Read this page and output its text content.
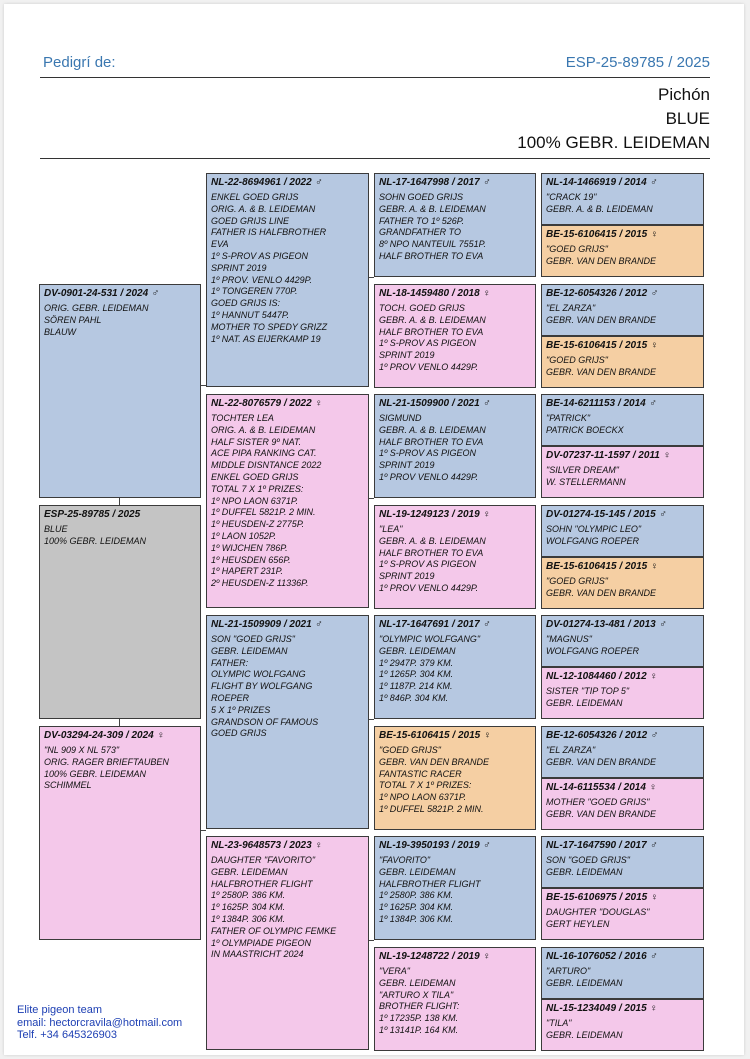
Pedigrí de:	ESP-25-89785 / 2025
Pichón
BLUE
100% GEBR. LEIDEMAN
DV-0901-24-531 / 2024 ♂
ORIG. GEBR. LEIDEMAN
SÖREN PAHL
BLAUW
ESP-25-89785 / 2025
BLUE
100% GEBR. LEIDEMAN
DV-03294-24-309 / 2024 ♀
"NL 909 X NL 573"
ORIG. RAGER BRIEFTAUBEN
100% GEBR. LEIDEMAN
SCHIMMEL
NL-22-8694961 / 2022 ♂
ENKEL GOED GRIJS
ORIG. A. & B. LEIDEMAN
GOED GRIJS LINE
FATHER IS HALFBROTHER
EVA
1º S-PROV AS PIGEON
SPRINT 2019
1º PROV. VENLO 4429P.
1º TONGEREN 770P.
GOED GRIJS IS:
1º HANNUT 5447P.
MOTHER TO SPEDY GRIZZ
1º NAT. AS EIJERKAMP 19
NL-22-8076579 / 2022 ♀
TOCHTER LEA
ORIG. A. & B. LEIDEMAN
HALF SISTER 9º NAT.
ACE PIPA RANKING CAT.
MIDDLE DISNTANCE 2022
ENKEL GOED GRIJS
TOTAL 7 X 1º PRIZES:
1º NPO LAON 6371P.
1º DUFFEL 5821P. 2 MIN.
1º HEUSDEN-Z 2775P.
1º LAON 1052P.
1º WIJCHEN 786P.
1º HEUSDEN 656P.
1º HAPERT 231P.
2º HEUSDEN-Z 11336P.
NL-21-1509909 / 2021 ♂
SON "GOED GRIJS"
GEBR. LEIDEMAN
FATHER:
OLYMPIC WOLFGANG
FLIGHT BY WOLFGANG
ROEPER
5 X 1º PRIZES
GRANDSON OF FAMOUS
GOED GRIJS
NL-23-9648573 / 2023 ♀
DAUGHTER "FAVORITO"
GEBR. LEIDEMAN
HALFBROTHER FLIGHT
1º 2580P. 386 KM.
1º 1625P. 304 KM.
1º 1384P. 306 KM.
FATHER OF OLYMPIC FEMKE
1º OLYMPIADE PIGEON
IN MAASTRICHT 2024
NL-17-1647998 / 2017 ♂
SOHN GOED GRIJS
GEBR. A. & B. LEIDEMAN
FATHER TO 1º 526P.
GRANDFATHER TO
8º NPO NANTEUIL 7551P.
HALF BROTHER TO EVA
NL-18-1459480 / 2018 ♀
TOCH. GOED GRIJS
GEBR. A. & B. LEIDEMAN
HALF BROTHER TO EVA
1º S-PROV AS PIGEON
SPRINT 2019
1º PROV VENLO 4429P.
NL-21-1509900 / 2021 ♂
SIGMUND
GEBR. A. & B. LEIDEMAN
HALF BROTHER TO EVA
1º S-PROV AS PIGEON
SPRINT 2019
1º PROV VENLO 4429P.
NL-19-1249123 / 2019 ♀
"LEA"
GEBR. A. & B. LEIDEMAN
HALF BROTHER TO EVA
1º S-PROV AS PIGEON
SPRINT 2019
1º PROV VENLO 4429P.
NL-17-1647691 / 2017 ♂
"OLYMPIC WOLFGANG"
GEBR. LEIDEMAN
1º 2947P. 379 KM.
1º 1265P. 304 KM.
1º 1187P. 214 KM.
1º 846P. 304 KM.
BE-15-6106415 / 2015 ♀
"GOED GRIJS"
GEBR. VAN DEN BRANDE
FANTASTIC RACER
TOTAL 7 X 1º PRIZES:
1º NPO LAON 6371P.
1º DUFFEL 5821P. 2 MIN.
NL-19-3950193 / 2019 ♂
"FAVORITO"
GEBR. LEIDEMAN
HALFBROTHER FLIGHT
1º 2580P. 386 KM.
1º 1625P. 304 KM.
1º 1384P. 306 KM.
NL-19-1248722 / 2019 ♀
"VERA"
GEBR. LEIDEMAN
"ARTURO X TILA"
BROTHER FLIGHT:
1º 17235P. 138 KM.
1º 13141P. 164 KM.
NL-14-1466919 / 2014 ♂
"CRACK 19"
GEBR. A. & B. LEIDEMAN
BE-15-6106415 / 2015 ♀
"GOED GRIJS"
GEBR. VAN DEN BRANDE
BE-12-6054326 / 2012 ♂
"EL ZARZA"
GEBR. VAN DEN BRANDE
BE-15-6106415 / 2015 ♀
"GOED GRIJS"
GEBR. VAN DEN BRANDE
BE-14-6211153 / 2014 ♂
"PATRICK"
PATRICK BOECKX
DV-07237-11-1597 / 2011 ♀
"SILVER DREAM"
W. STELLERMANN
DV-01274-15-145 / 2015 ♂
SOHN "OLYMPIC LEO"
WOLFGANG ROEPER
BE-15-6106415 / 2015 ♀
"GOED GRIJS"
GEBR. VAN DEN BRANDE
DV-01274-13-481 / 2013 ♂
"MAGNUS"
WOLFGANG ROEPER
NL-12-1084460 / 2012 ♀
SISTER "TIP TOP 5"
GEBR. LEIDEMAN
BE-12-6054326 / 2012 ♂
"EL ZARZA"
GEBR. VAN DEN BRANDE
NL-14-6115534 / 2014 ♀
MOTHER "GOED GRIJS"
GEBR. VAN DEN BRANDE
NL-17-1647590 / 2017 ♂
SON "GOED GRIJS"
GEBR. LEIDEMAN
BE-15-6106975 / 2015 ♀
DAUGHTER "DOUGLAS"
GERT HEYLEN
NL-16-1076052 / 2016 ♂
"ARTURO"
GEBR. LEIDEMAN
NL-15-1234049 / 2015 ♀
"TILA"
GEBR. LEIDEMAN
Elite pigeon team
email: hectorcravila@hotmail.com
Telf. +34 645326903
